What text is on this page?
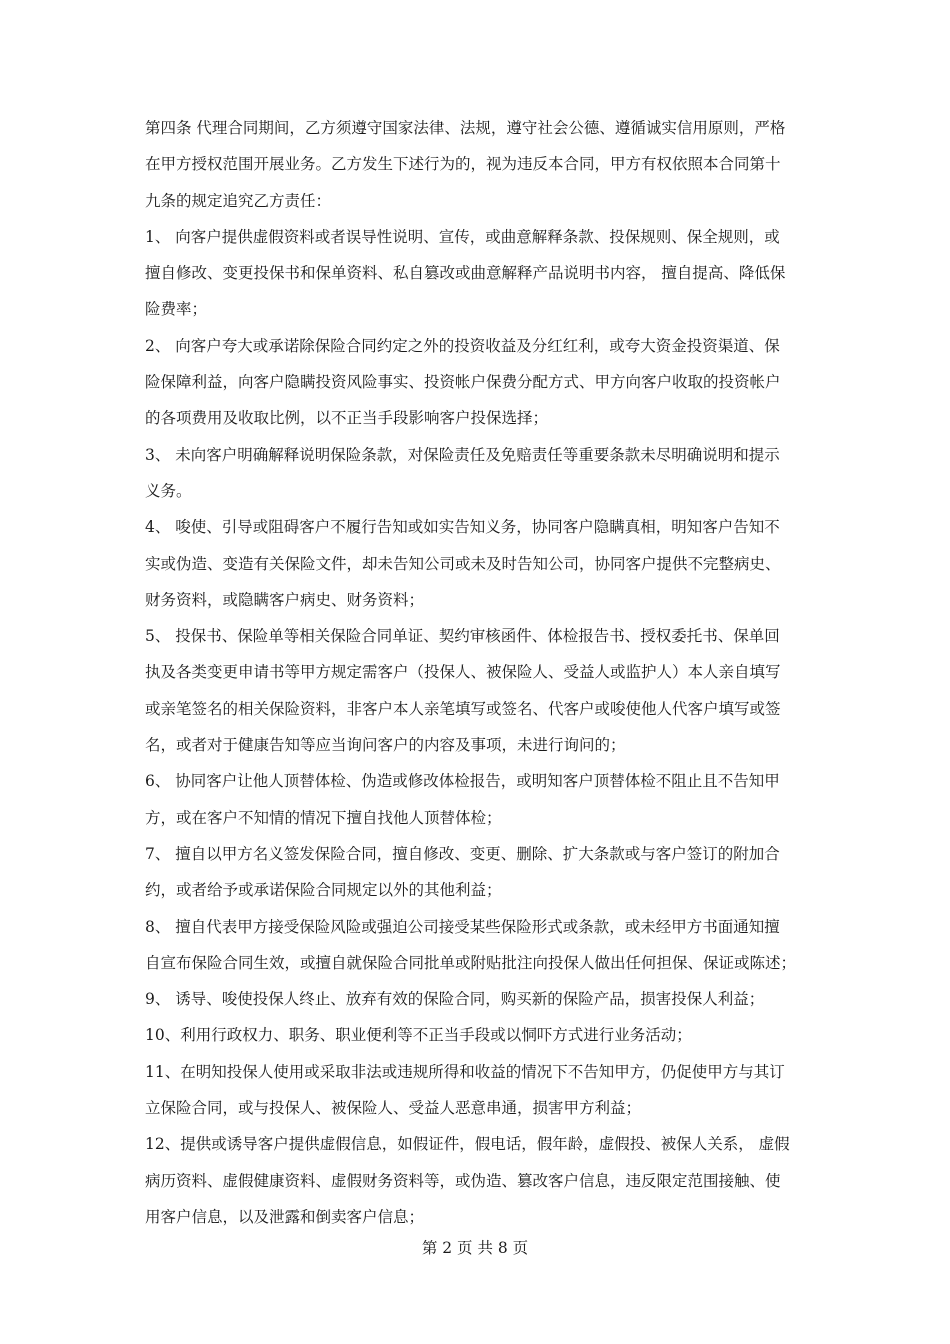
第四条 代理合同期间，乙方须遵守国家法律、法规，遵守社会公德、遵循诚实信用原则，严格
在甲方授权范围开展业务。乙方发生下述行为的，视为违反本合同，甲方有权依照本合同第十
九条的规定追究乙方责任：
1、 向客户提供虚假资料或者误导性说明、宣传，或曲意解释条款、投保规则、保全规则，或
擅自修改、变更投保书和保单资料、私自篡改或曲意解释产品说明书内容， 擅自提高、降低保
险费率；
2、 向客户夸大或承诺除保险合同约定之外的投资收益及分红红利，或夸大资金投资渠道、保
险保障利益，向客户隐瞒投资风险事实、投资帐户保费分配方式、甲方向客户收取的投资帐户
的各项费用及收取比例，以不正当手段影响客户投保选择；
3、 未向客户明确解释说明保险条款，对保险责任及免赔责任等重要条款未尽明确说明和提示
义务。
4、 唆使、引导或阻碍客户不履行告知或如实告知义务，协同客户隐瞒真相，明知客户告知不
实或伪造、变造有关保险文件，却未告知公司或未及时告知公司，协同客户提供不完整病史、
财务资料，或隐瞒客户病史、财务资料；
5、 投保书、保险单等相关保险合同单证、契约审核函件、体检报告书、授权委托书、保单回
执及各类变更申请书等甲方规定需客户（投保人、被保险人、受益人或监护人）本人亲自填写
或亲笔签名的相关保险资料，非客户本人亲笔填写或签名、代客户或唆使他人代客户填写或签
名，或者对于健康告知等应当询问客户的内容及事项，未进行询问的；
6、 协同客户让他人顶替体检、伪造或修改体检报告，或明知客户顶替体检不阻止且不告知甲
方，或在客户不知情的情况下擅自找他人顶替体检；
7、 擅自以甲方名义签发保险合同，擅自修改、变更、删除、扩大条款或与客户签订的附加合
约，或者给予或承诺保险合同规定以外的其他利益；
8、 擅自代表甲方接受保险风险或强迫公司接受某些保险形式或条款，或未经甲方书面通知擅
自宣布保险合同生效，或擅自就保险合同批单或附贴批注向投保人做出任何担保、保证或陈述；
9、 诱导、唆使投保人终止、放弃有效的保险合同，购买新的保险产品，损害投保人利益；
10、利用行政权力、职务、职业便利等不正当手段或以恫吓方式进行业务活动；
11、在明知投保人使用或采取非法或违规所得和收益的情况下不告知甲方，仍促使甲方与其订
立保险合同，或与投保人、被保险人、受益人恶意串通，损害甲方利益；
12、提供或诱导客户提供虚假信息，如假证件，假电话，假年龄，虚假投、被保人关系， 虚假
病历资料、虚假健康资料、虚假财务资料等，或伪造、篡改客户信息，违反限定范围接触、使
用客户信息，以及泄露和倒卖客户信息；
第 2 页 共 8 页
